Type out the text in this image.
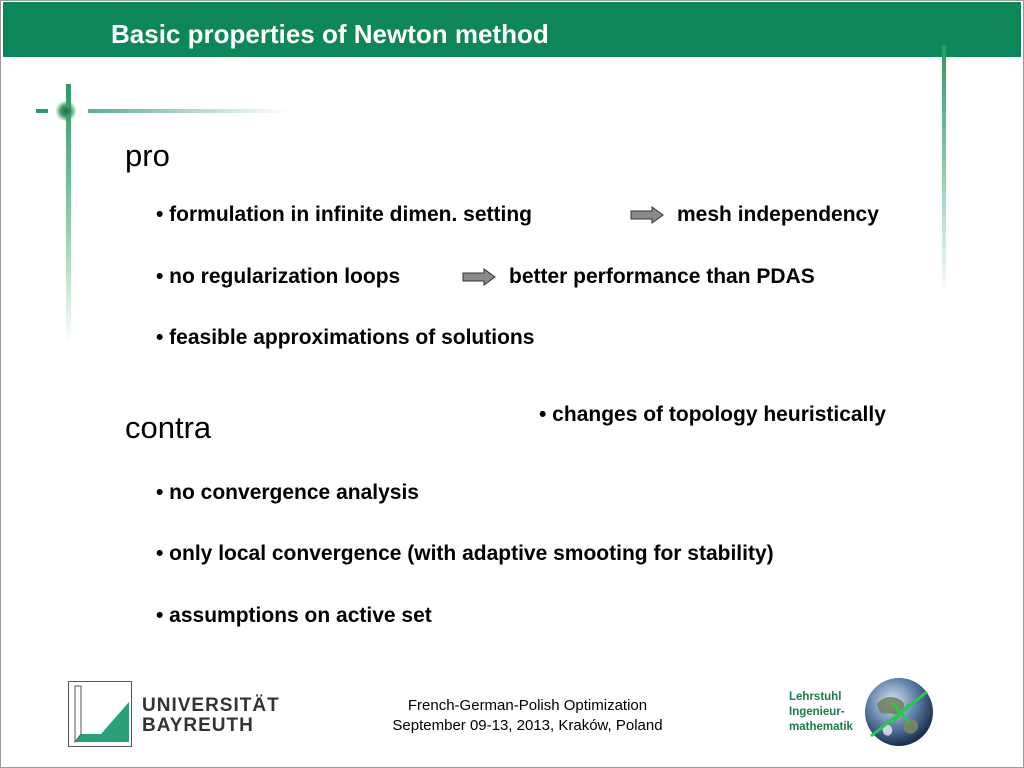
Basic properties of Newton method
pro
• formulation in infinite dimen. setting	mesh independency
• no regularization loops	better performance than PDAS
• feasible approximations of solutions
• changes of topology heuristically
contra
• no convergence analysis
• only local convergence (with adaptive smooting for stability)
• assumptions on active set
UNIVERSITÄT
BAYREUTH
French-German-Polish Optimization
September 09-13, 2013, Kraków, Poland
Lehrstuhl
Ingenieur-
mathematik
